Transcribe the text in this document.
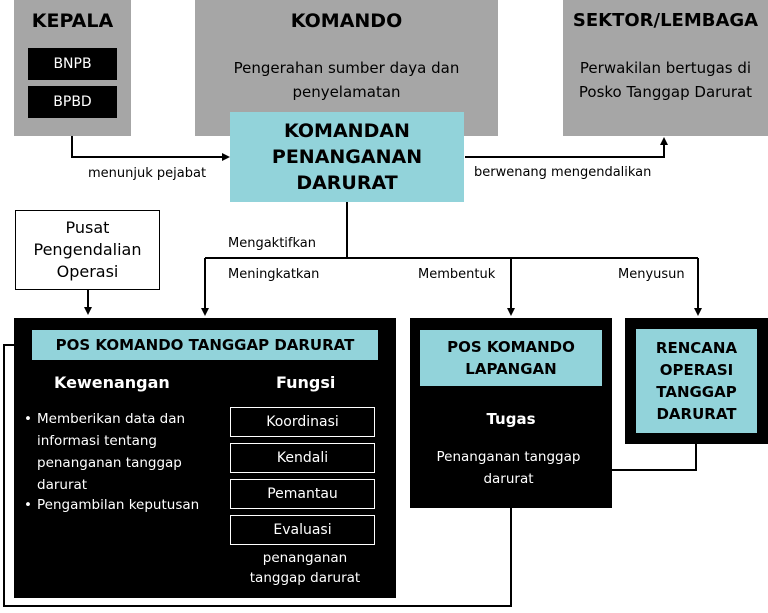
KEPALA
BNPB
BPBD
KOMANDO
Pengerahan sumber daya dan penyelamatan
SEKTOR/LEMBAGA
Perwakilan bertugas di Posko Tanggap Darurat
KOMANDAN PENANGANAN DARURAT
menunjuk pejabat	berwenang mengendalikan
Mengaktifkan
Meningkatkan	Membentuk	Menyusun
Pusat Pengendalian Operasi
POS KOMANDO TANGGAP DARURAT
Kewenangan
• Memberikan data dan informasi tentang penanganan tanggap darurat
• Pengambilan keputusan
Fungsi
Koordinasi
Kendali
Pemantau
Evaluasi
penanganan tanggap darurat
POS KOMANDO LAPANGAN
Tugas
Penanganan tanggap darurat
RENCANA OPERASI TANGGAP DARURAT
